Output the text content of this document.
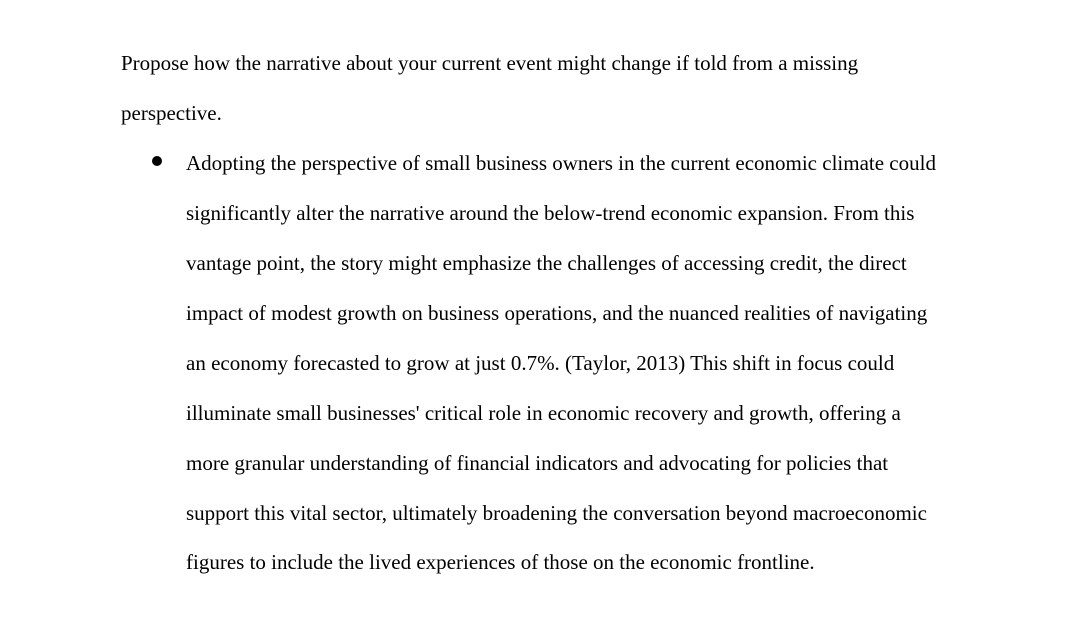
Propose how the narrative about your current event might change if told from a missing
perspective.
Adopting the perspective of small business owners in the current economic climate could
significantly alter the narrative around the below-trend economic expansion. From this
vantage point, the story might emphasize the challenges of accessing credit, the direct
impact of modest growth on business operations, and the nuanced realities of navigating
an economy forecasted to grow at just 0.7%. (Taylor, 2013) This shift in focus could
illuminate small businesses' critical role in economic recovery and growth, offering a
more granular understanding of financial indicators and advocating for policies that
support this vital sector, ultimately broadening the conversation beyond macroeconomic
figures to include the lived experiences of those on the economic frontline.
